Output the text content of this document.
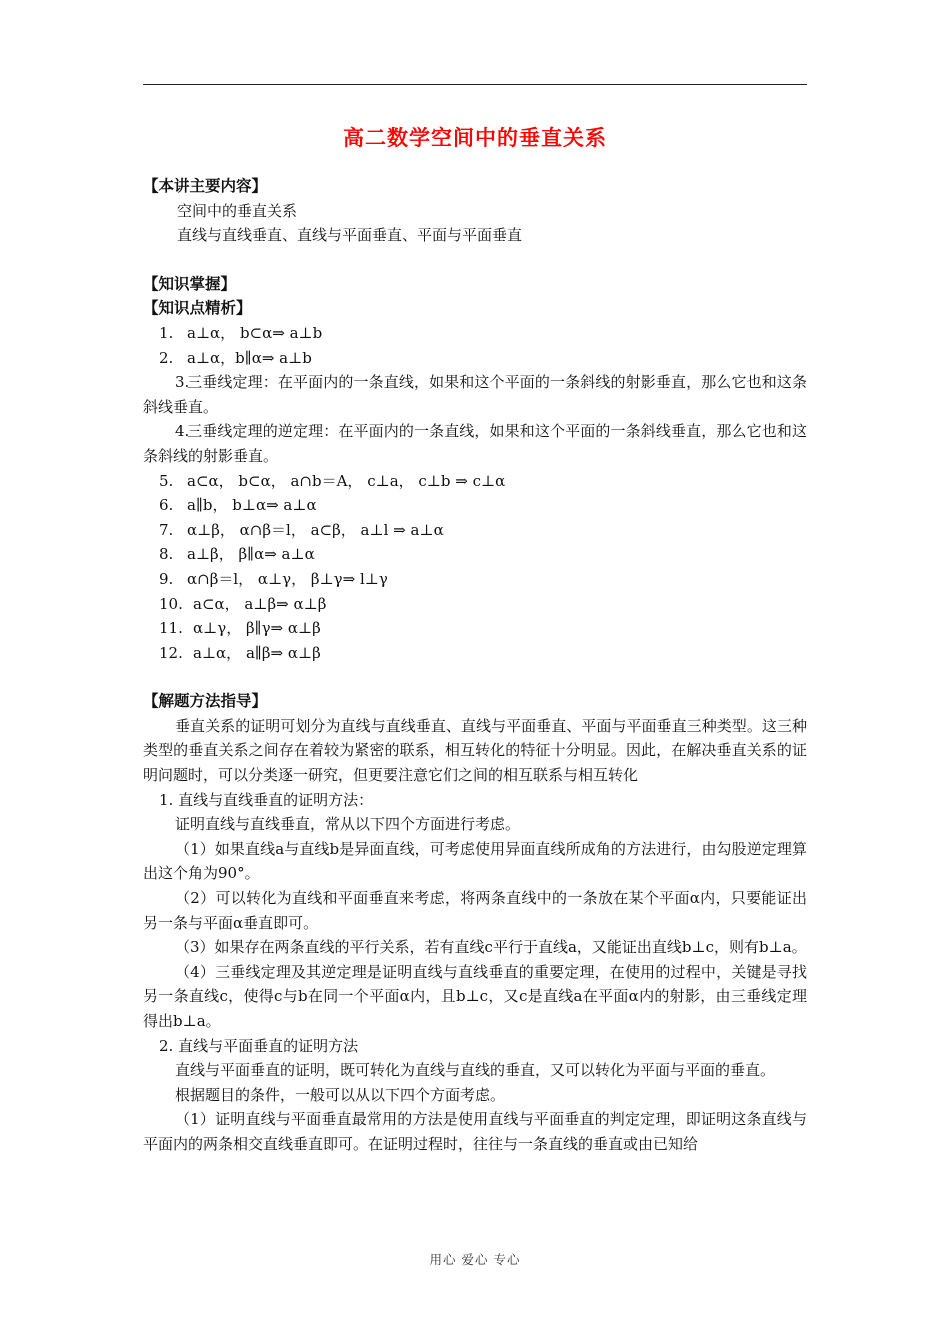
高二数学空间中的垂直关系
【本讲主要内容】
空间中的垂直关系
直线与直线垂直、直线与平面垂直、平面与平面垂直
【知识掌握】
【知识点精析】
1. a⊥α， b⊂α⇒ a⊥b
2. a⊥α，b∥α⇒ a⊥b
3.三垂线定理：在平面内的一条直线，如果和这个平面的一条斜线的射影垂直，那么它也和这条斜线垂直。
4.三垂线定理的逆定理：在平面内的一条直线，如果和这个平面的一条斜线垂直，那么它也和这条斜线的射影垂直。
5. a⊂α， b⊂α， a∩b＝A， c⊥a， c⊥b ⇒ c⊥α
6. a∥b， b⊥α⇒ a⊥α
7. α⊥β， α∩β＝l， a⊂β， a⊥l ⇒ a⊥α
8. a⊥β， β∥α⇒ a⊥α
9. α∩β＝l， α⊥γ， β⊥γ⇒ l⊥γ
10. a⊂α， a⊥β⇒ α⊥β
11. α⊥γ， β∥γ⇒ α⊥β
12. a⊥α， a∥β⇒ α⊥β
【解题方法指导】
垂直关系的证明可划分为直线与直线垂直、直线与平面垂直、平面与平面垂直三种类型。这三种类型的垂直关系之间存在着较为紧密的联系，相互转化的特征十分明显。因此，在解决垂直关系的证明问题时，可以分类逐一研究，但更要注意它们之间的相互联系与相互转化
1. 直线与直线垂直的证明方法：
证明直线与直线垂直，常从以下四个方面进行考虑。
（1）如果直线a与直线b是异面直线，可考虑使用异面直线所成角的方法进行，由勾股逆定理算出这个角为90°。
（2）可以转化为直线和平面垂直来考虑，将两条直线中的一条放在某个平面α内，只要能证出另一条与平面α垂直即可。
（3）如果存在两条直线的平行关系，若有直线c平行于直线a，又能证出直线b⊥c，则有b⊥a。
（4）三垂线定理及其逆定理是证明直线与直线垂直的重要定理，在使用的过程中，关键是寻找另一条直线c，使得c与b在同一个平面α内，且b⊥c，又c是直线a在平面α内的射影，由三垂线定理得出b⊥a。
2. 直线与平面垂直的证明方法
直线与平面垂直的证明，既可转化为直线与直线的垂直，又可以转化为平面与平面的垂直。
根据题目的条件，一般可以从以下四个方面考虑。
（1）证明直线与平面垂直最常用的方法是使用直线与平面垂直的判定定理，即证明这条直线与平面内的两条相交直线垂直即可。在证明过程时，往往与一条直线的垂直或由已知给
用心 爱心 专心
